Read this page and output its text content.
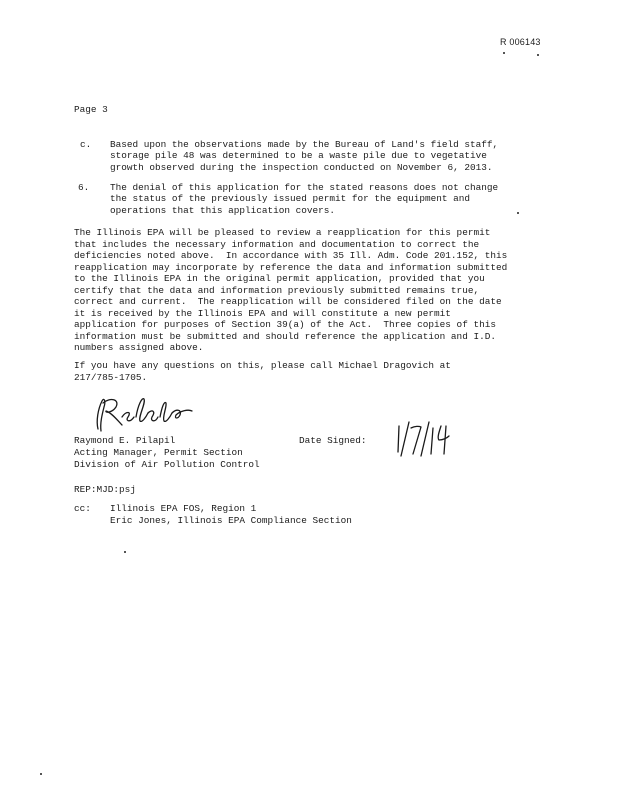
R 006143
Page 3
c. Based upon the observations made by the Bureau of Land's field staff,
storage pile 48 was determined to be a waste pile due to vegetative
growth observed during the inspection conducted on November 6, 2013.
6. The denial of this application for the stated reasons does not change
the status of the previously issued permit for the equipment and
operations that this application covers.
The Illinois EPA will be pleased to review a reapplication for this permit
that includes the necessary information and documentation to correct the
deficiencies noted above.  In accordance with 35 Ill. Adm. Code 201.152, this
reapplication may incorporate by reference the data and information submitted
to the Illinois EPA in the original permit application, provided that you
certify that the data and information previously submitted remains true,
correct and current.  The reapplication will be considered filed on the date
it is received by the Illinois EPA and will constitute a new permit
application for purposes of Section 39(a) of the Act.  Three copies of this
information must be submitted and should reference the application and I.D.
numbers assigned above.
If you have any questions on this, please call Michael Dragovich at
217/785-1705.
Raymond E. Pilapil	Date Signed:
Acting Manager, Permit Section
Division of Air Pollution Control
REP:MJD:psj
cc: Illinois EPA FOS, Region 1
Eric Jones, Illinois EPA Compliance Section
